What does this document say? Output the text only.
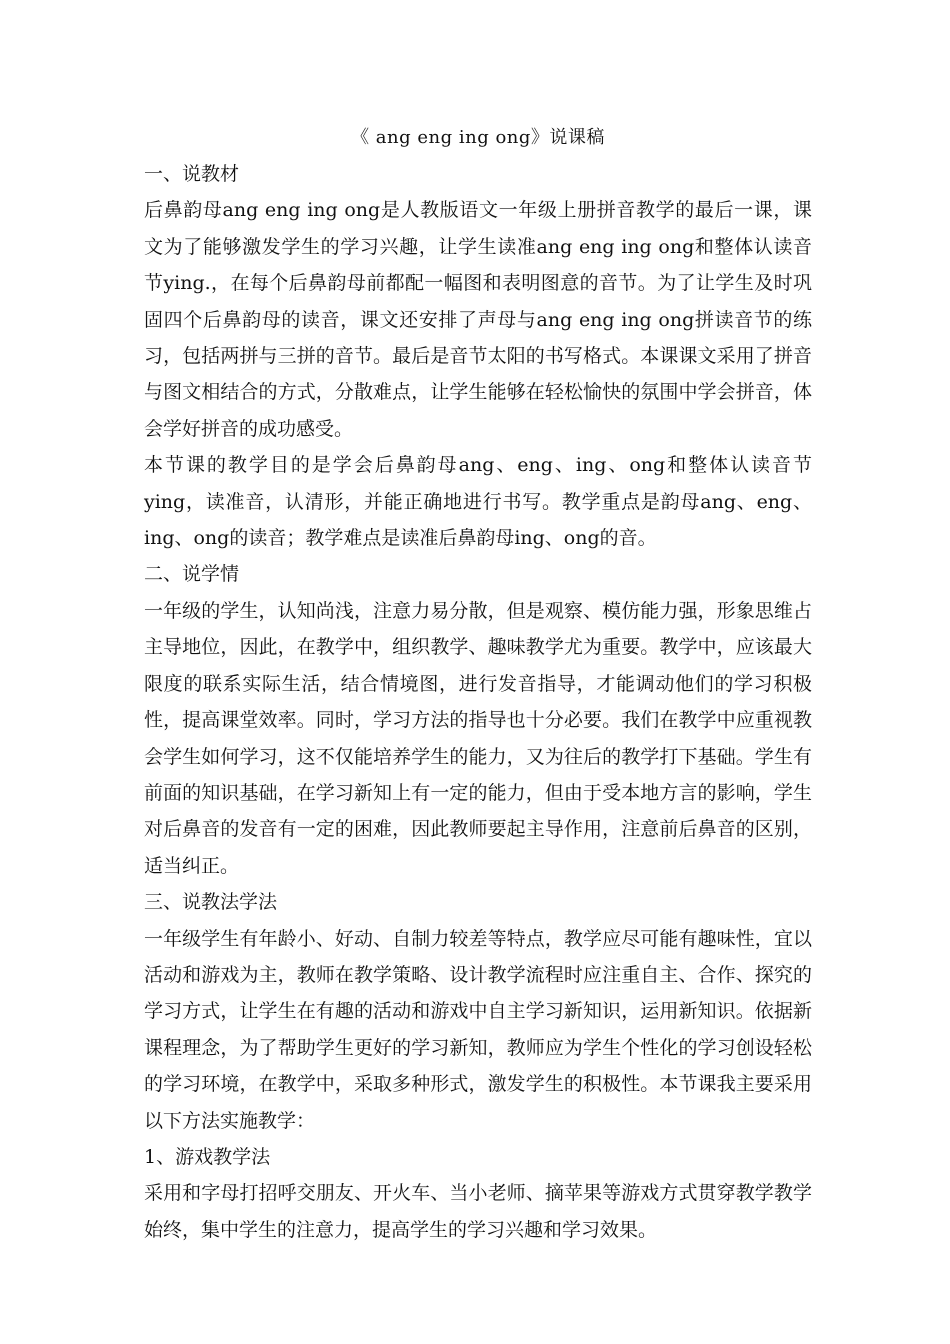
《 ang eng ing ong》说课稿

一、说教材

后鼻韵母ang eng ing ong是人教版语文一年级上册拼音教学的最后一课，课文为了能够激发学生的学习兴趣，让学生读准ang eng ing ong和整体认读音节ying.，在每个后鼻韵母前都配一幅图和表明图意的音节。为了让学生及时巩固四个后鼻韵母的读音，课文还安排了声母与ang eng ing ong拼读音节的练习，包括两拼与三拼的音节。最后是音节太阳的书写格式。本课课文采用了拼音与图文相结合的方式，分散难点，让学生能够在轻松愉快的氛围中学会拼音，体会学好拼音的成功感受。

本节课的教学目的是学会后鼻韵母ang、eng、ing、ong和整体认读音节ying，读准音，认清形，并能正确地进行书写。教学重点是韵母ang、eng、ing、ong的读音；教学难点是读准后鼻韵母ing、ong的音。

二、说学情

一年级的学生，认知尚浅，注意力易分散，但是观察、模仿能力强，形象思维占主导地位，因此，在教学中，组织教学、趣味教学尤为重要。教学中，应该最大限度的联系实际生活，结合情境图，进行发音指导，才能调动他们的学习积极性，提高课堂效率。同时，学习方法的指导也十分必要。我们在教学中应重视教会学生如何学习，这不仅能培养学生的能力，又为往后的教学打下基础。学生有前面的知识基础，在学习新知上有一定的能力，但由于受本地方言的影响，学生对后鼻音的发音有一定的困难，因此教师要起主导作用，注意前后鼻音的区别，适当纠正。

三、说教法学法

一年级学生有年龄小、好动、自制力较差等特点，教学应尽可能有趣味性，宜以活动和游戏为主，教师在教学策略、设计教学流程时应注重自主、合作、探究的学习方式，让学生在有趣的活动和游戏中自主学习新知识，运用新知识。依据新课程理念，为了帮助学生更好的学习新知，教师应为学生个性化的学习创设轻松的学习环境，在教学中，采取多种形式，激发学生的积极性。本节课我主要采用以下方法实施教学：

1、游戏教学法

采用和字母打招呼交朋友、开火车、当小老师、摘苹果等游戏方式贯穿教学教学始终，集中学生的注意力，提高学生的学习兴趣和学习效果。
